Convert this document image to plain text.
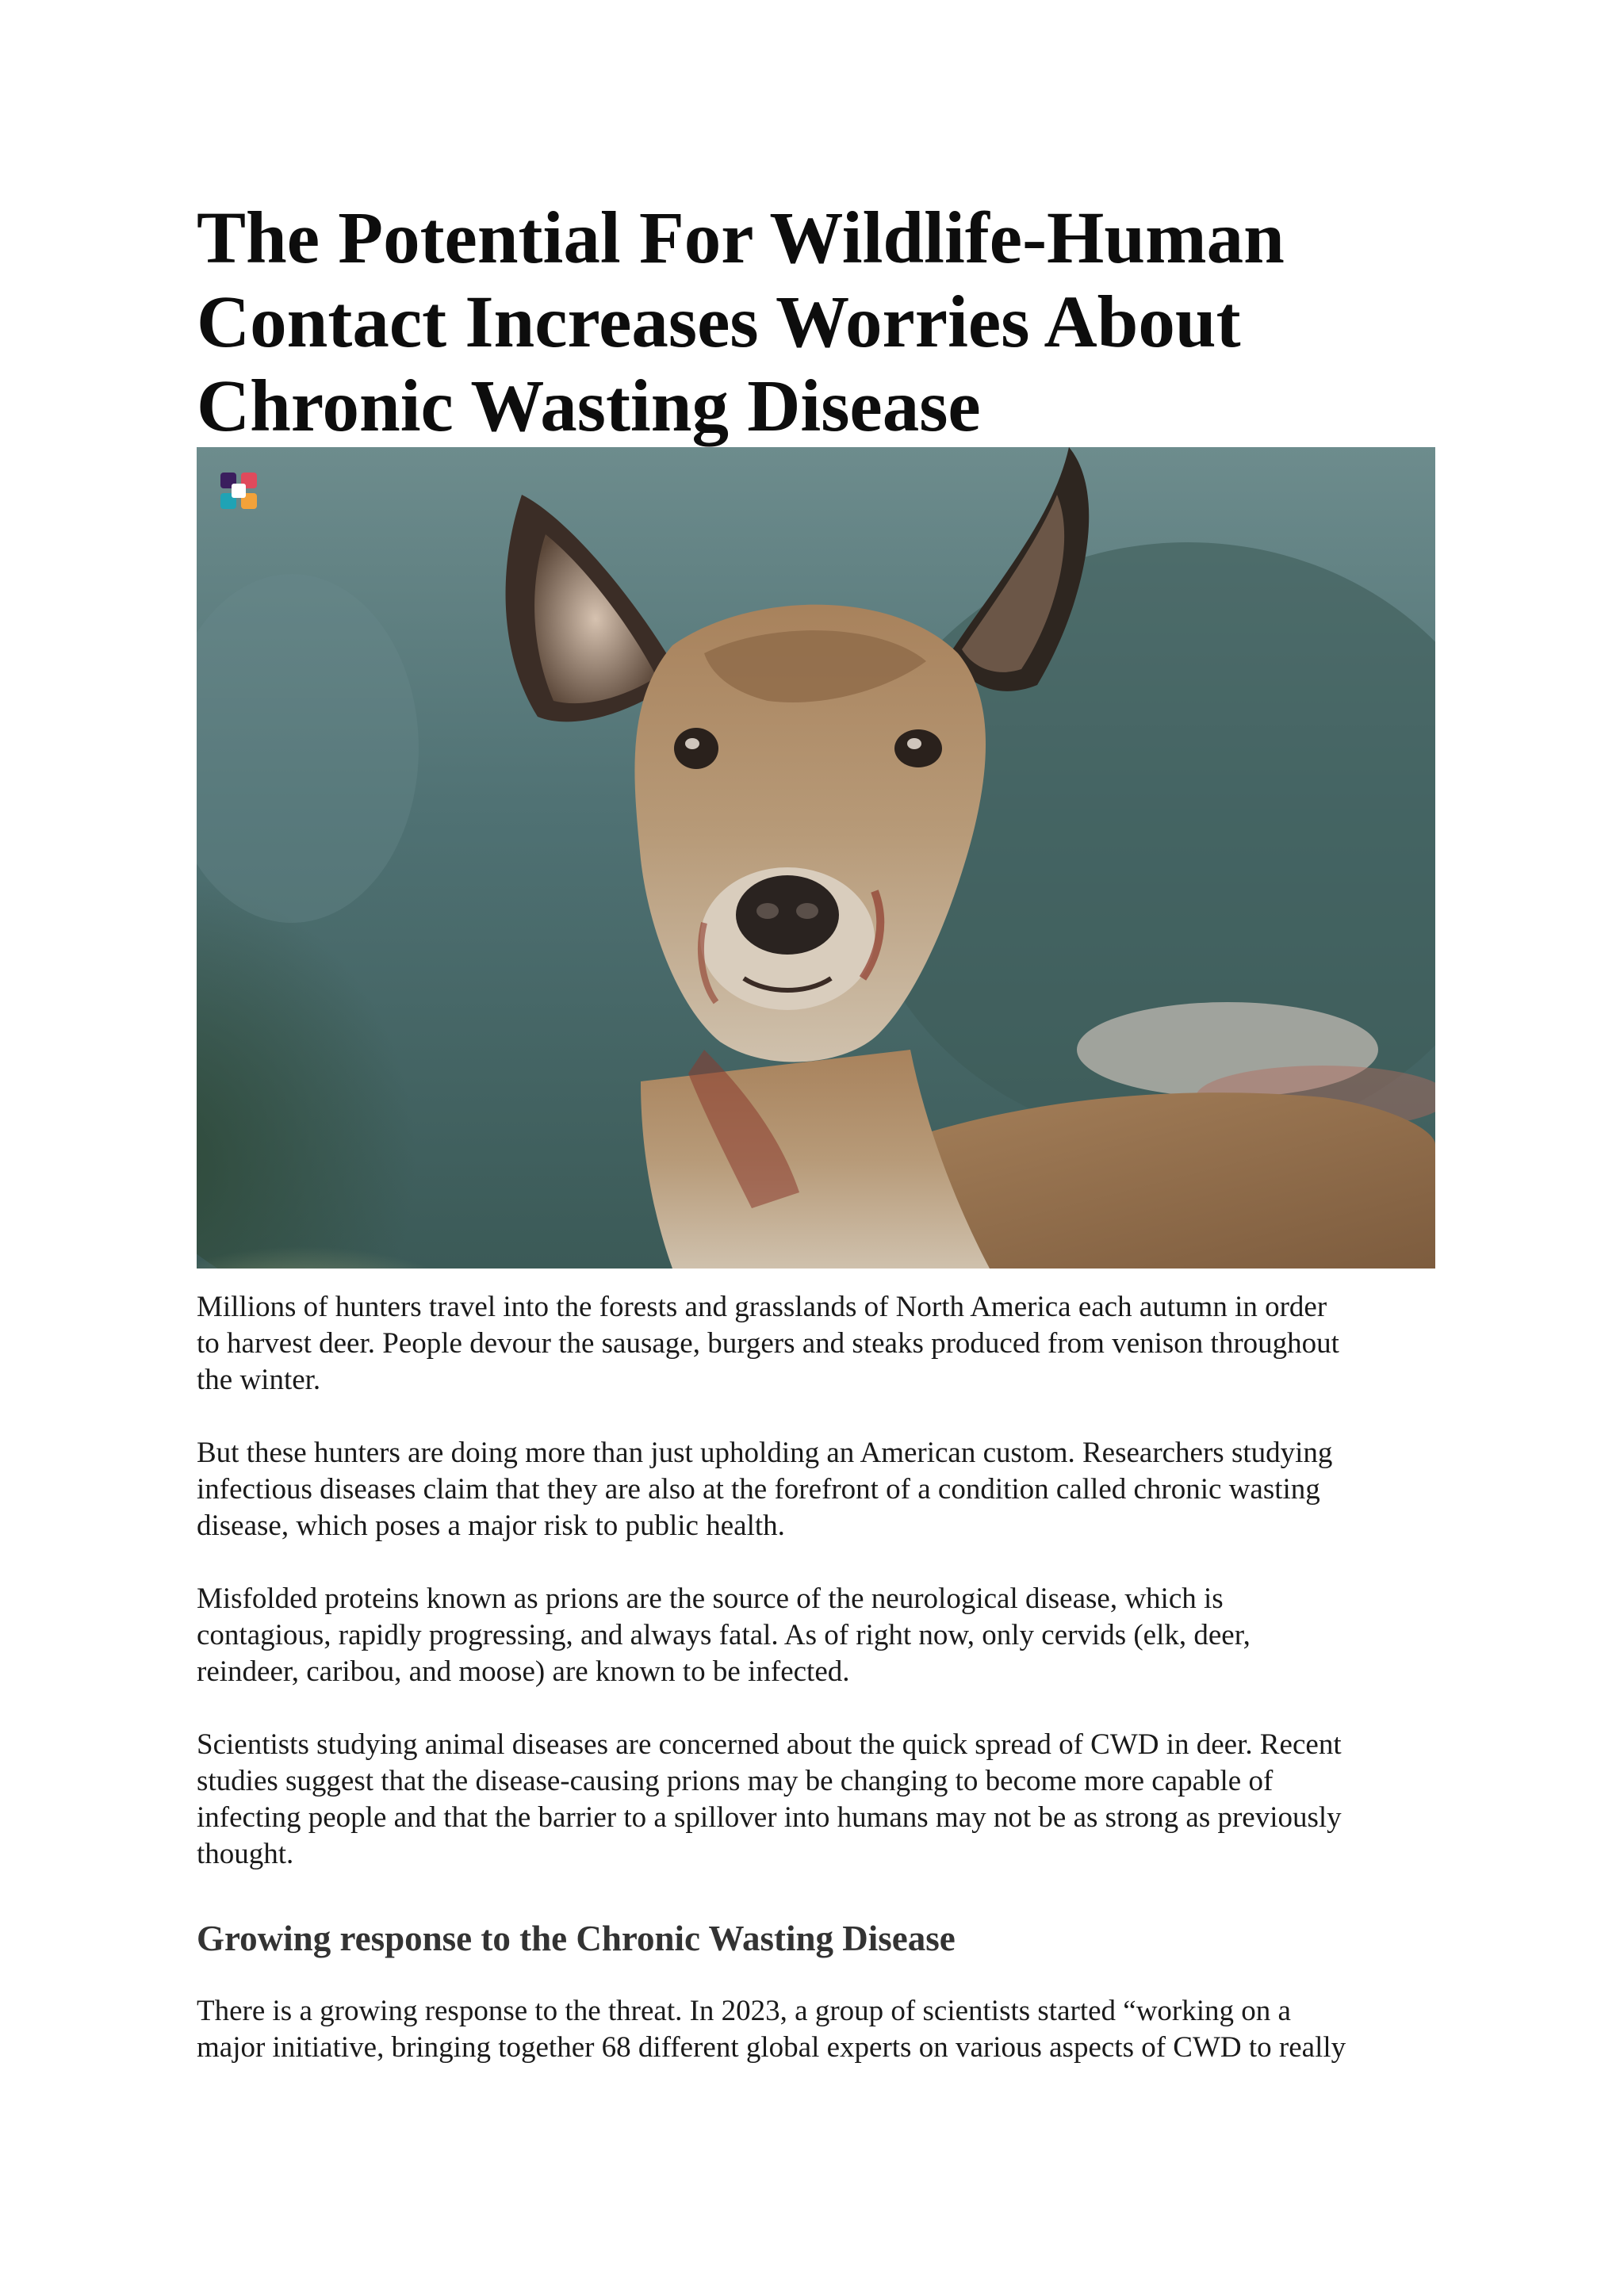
The Potential For Wildlife-Human
Contact Increases Worries About
Chronic Wasting Disease

Millions of hunters travel into the forests and grasslands of North America each autumn in order
to harvest deer. People devour the sausage, burgers and steaks produced from venison throughout
the winter.

But these hunters are doing more than just upholding an American custom. Researchers studying
infectious diseases claim that they are also at the forefront of a condition called chronic wasting
disease, which poses a major risk to public health.

Misfolded proteins known as prions are the source of the neurological disease, which is
contagious, rapidly progressing, and always fatal. As of right now, only cervids (elk, deer,
reindeer, caribou, and moose) are known to be infected.

Scientists studying animal diseases are concerned about the quick spread of CWD in deer. Recent
studies suggest that the disease-causing prions may be changing to become more capable of
infecting people and that the barrier to a spillover into humans may not be as strong as previously
thought.

Growing response to the Chronic Wasting Disease

There is a growing response to the threat. In 2023, a group of scientists started “working on a
major initiative, bringing together 68 different global experts on various aspects of CWD to really
